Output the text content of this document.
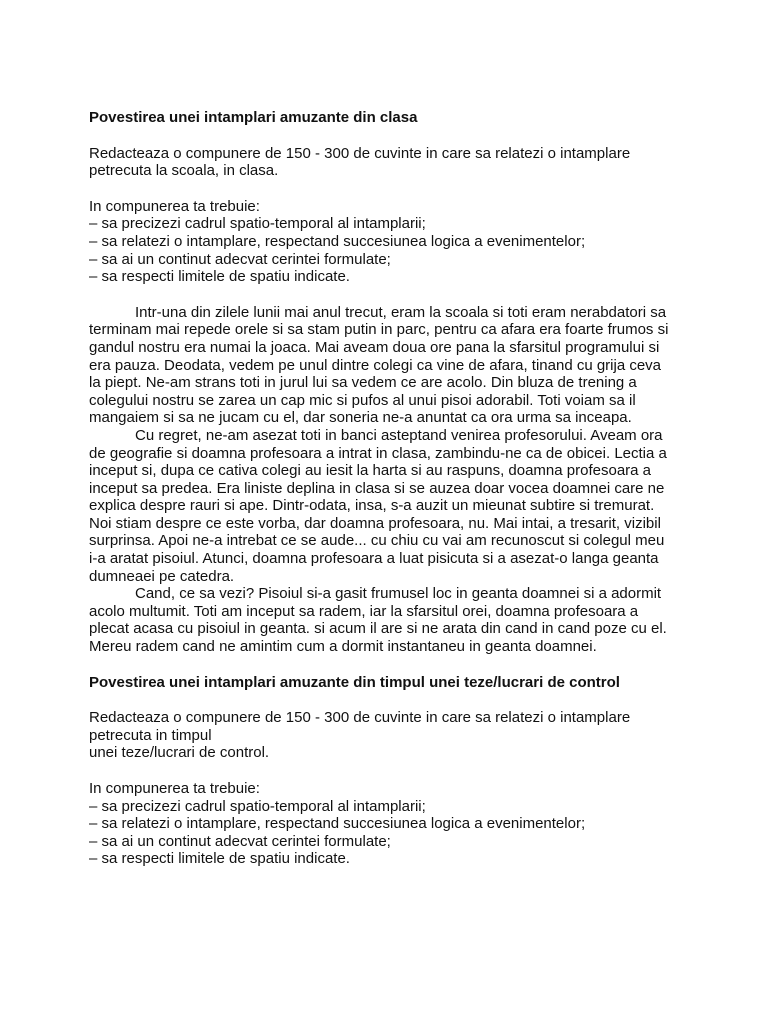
Povestirea unei intamplari amuzante din clasa
Redacteaza o compunere de 150 - 300 de cuvinte in care sa relatezi o intamplare
petrecuta la scoala, in clasa.
In compunerea ta trebuie:
– sa precizezi cadrul spatio-temporal al intamplarii;
– sa relatezi o intamplare, respectand succesiunea logica a evenimentelor;
– sa ai un continut adecvat cerintei formulate;
– sa respecti limitele de spatiu indicate.
Intr-una din zilele lunii mai anul trecut, eram la scoala si toti eram nerabdatori sa
terminam mai repede orele si sa stam putin in parc, pentru ca afara era foarte frumos si
gandul nostru era numai la joaca. Mai aveam doua ore pana la sfarsitul programului si
era pauza. Deodata, vedem pe unul dintre colegi ca vine de afara, tinand cu grija ceva
la piept. Ne-am strans toti in jurul lui sa vedem ce are acolo. Din bluza de trening a
colegului nostru se zarea un cap mic si pufos al unui pisoi adorabil. Toti voiam sa il
mangaiem si sa ne jucam cu el, dar soneria ne-a anuntat ca ora urma sa inceapa.
Cu regret, ne-am asezat toti in banci asteptand venirea profesorului. Aveam ora
de geografie si doamna profesoara a intrat in clasa, zambindu-ne ca de obicei. Lectia a
inceput si, dupa ce cativa colegi au iesit la harta si au raspuns, doamna profesoara a
inceput sa predea. Era liniste deplina in clasa si se auzea doar vocea doamnei care ne
explica despre rauri si ape. Dintr-odata, insa, s-a auzit un mieunat subtire si tremurat.
Noi stiam despre ce este vorba, dar doamna profesoara, nu. Mai intai, a tresarit, vizibil
surprinsa. Apoi ne-a intrebat ce se aude... cu chiu cu vai am recunoscut si colegul meu
i-a aratat pisoiul. Atunci, doamna profesoara a luat pisicuta si a asezat-o langa geanta
dumneaei pe catedra.
Cand, ce sa vezi? Pisoiul si-a gasit frumusel loc in geanta doamnei si a adormit
acolo multumit. Toti am inceput sa radem, iar la sfarsitul orei, doamna profesoara a
plecat acasa cu pisoiul in geanta. si acum il are si ne arata din cand in cand poze cu el.
Mereu radem cand ne amintim cum a dormit instantaneu in geanta doamnei.
Povestirea unei intamplari amuzante din timpul unei teze/lucrari de control
Redacteaza o compunere de 150 - 300 de cuvinte in care sa relatezi o intamplare
petrecuta in timpul
unei teze/lucrari de control.
In compunerea ta trebuie:
– sa precizezi cadrul spatio-temporal al intamplarii;
– sa relatezi o intamplare, respectand succesiunea logica a evenimentelor;
– sa ai un continut adecvat cerintei formulate;
– sa respecti limitele de spatiu indicate.
